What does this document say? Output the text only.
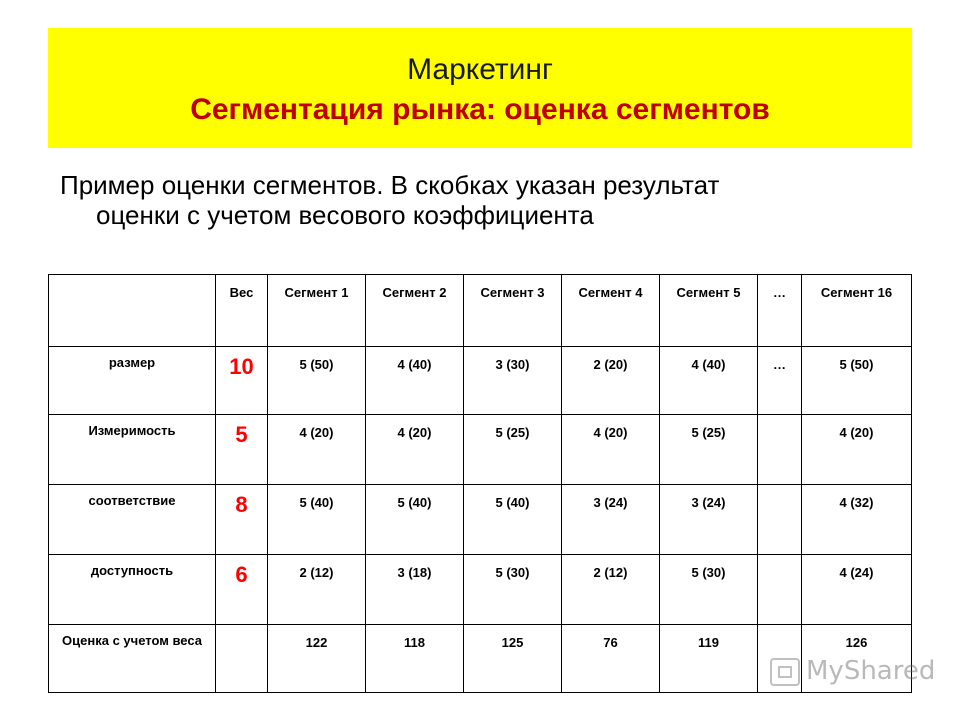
Маркетинг
Сегментация рынка: оценка сегментов
Пример оценки сегментов. В скобках указан результат
оценки с учетом весового коэффициента
	Вес	Сегмент 1	Сегмент 2	Сегмент 3	Сегмент 4	Сегмент 5	…	Сегмент 16
размер	10	5 (50)	4 (40)	3 (30)	2 (20)	4 (40)	…	5 (50)
Измеримость	5	4 (20)	4 (20)	5 (25)	4 (20)	5 (25)		4 (20)
соответствие	8	5 (40)	5 (40)	5 (40)	3 (24)	3 (24)		4 (32)
доступность	6	2 (12)	3 (18)	5 (30)	2 (12)	5 (30)		4 (24)
Оценка с учетом веса		122	118	125	76	119		126
MyShared
